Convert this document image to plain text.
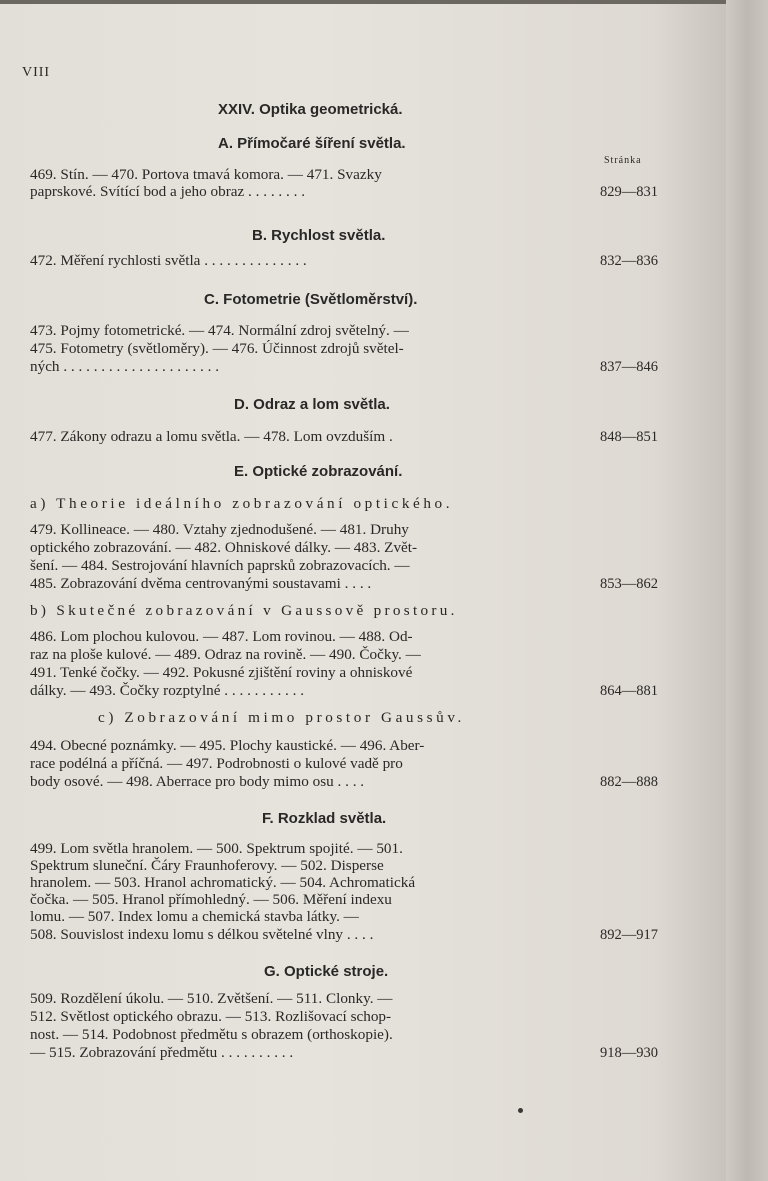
VIII
XXIV. Optika geometrická.
A. Přímočaré šíření světla.
Stránka
469. Stín. — 470. Portova tmavá komora. — 471. Svazky
paprskové. Svítící bod a jeho obraz . . . . . . . .	829—831
B. Rychlost světla.
472. Měření rychlosti světla . . . . . . . . . . . . . .	832—836
C. Fotometrie (Světloměrství).
473. Pojmy fotometrické. — 474. Normální zdroj světelný. —
475. Fotometry (světloměry). — 476. Účinnost zdrojů světel-
ných . . . . . . . . . . . . . . . . . . . . .	837—846
D. Odraz a lom světla.
477. Zákony odrazu a lomu světla. — 478. Lom ovzduším .	848—851
E. Optické zobrazování.
a) Theorie ideálního zobrazování optického.
479. Kollineace. — 480. Vztahy zjednodušené. — 481. Druhy
optického zobrazování. — 482. Ohniskové dálky. — 483. Zvět-
šení. — 484. Sestrojování hlavních paprsků zobrazovacích. —
485. Zobrazování dvěma centrovanými soustavami . . . .	853—862
b) Skutečné zobrazování v Gaussově prostoru.
486. Lom plochou kulovou. — 487. Lom rovinou. — 488. Od-
raz na ploše kulové. — 489. Odraz na rovině. — 490. Čočky. —
491. Tenké čočky. — 492. Pokusné zjištění roviny a ohniskové
dálky. — 493. Čočky rozptylné . . . . . . . . . . .	864—881
c) Zobrazování mimo prostor Gaussův.
494. Obecné poznámky. — 495. Plochy kaustické. — 496. Aber-
race podélná a příčná. — 497. Podrobnosti o kulové vadě pro
body osové. — 498. Aberrace pro body mimo osu . . . .	882—888
F. Rozklad světla.
499. Lom světla hranolem. — 500. Spektrum spojité. — 501.
Spektrum sluneční. Čáry Fraunhoferovy. — 502. Disperse
hranolem. — 503. Hranol achromatický. — 504. Achromatická
čočka. — 505. Hranol přímohledný. — 506. Měření indexu
lomu. — 507. Index lomu a chemická stavba látky. —
508. Souvislost indexu lomu s délkou světelné vlny . . . .	892—917
G. Optické stroje.
509. Rozdělení úkolu. — 510. Zvětšení. — 511. Clonky. —
512. Světlost optického obrazu. — 513. Rozlišovací schop-
nost. — 514. Podobnost předmětu s obrazem (orthoskopie).
— 515. Zobrazování předmětu . . . . . . . . . .	918—930
